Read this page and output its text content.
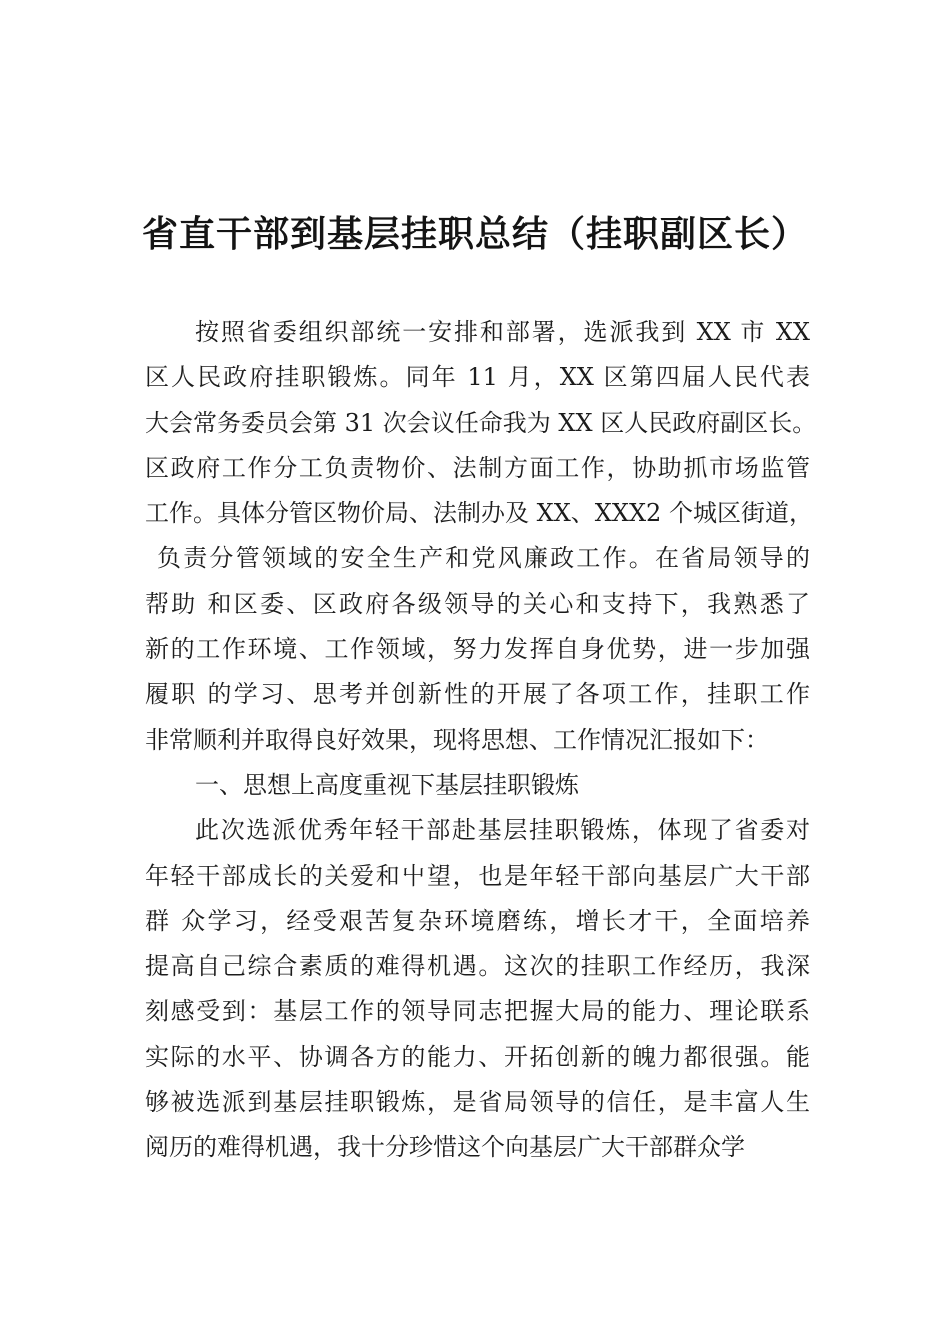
省直干部到基层挂职总结（挂职副区长）
按照省委组织部统一安排和部署，选派我到 XX 市 XX
区人民政府挂职锻炼。同年 11 月，XX 区第四届人民代表
大会常务委员会第 31 次会议任命我为 XX 区人民政府副区长。
区政府工作分工负责物价、法制方面工作，协助抓市场监管
工作。具体分管区物价局、法制办及 XX、XXX2 个城区街道，
负责分管领域的安全生产和党风廉政工作。在省局领导的
帮助 和区委、区政府各级领导的关心和支持下，我熟悉了
新的工作环境、工作领域，努力发挥自身优势，进一步加强
履职 的学习、思考并创新性的开展了各项工作，挂职工作
非常顺利并取得良好效果，现将思想、工作情况汇报如下：
一、思想上高度重视下基层挂职锻炼
此次选派优秀年轻干部赴基层挂职锻炼，体现了省委对
年轻干部成长的关爱和⼬望，也是年轻干部向基层广大干部
群 众学习，经受艰苦复杂环境磨练，增长才干，全面培养
提高自己综合素质的难得机遇。这次的挂职工作经历，我深
刻感受到：基层工作的领导同志把握大局的能力、理论联系
实际的水平、协调各方的能力、开拓创新的魄力都很强。能
够被选派到基层挂职锻炼，是省局领导的信任，是丰富人生
阅历的难得机遇，我十分珍惜这个向基层广大干部群众学
